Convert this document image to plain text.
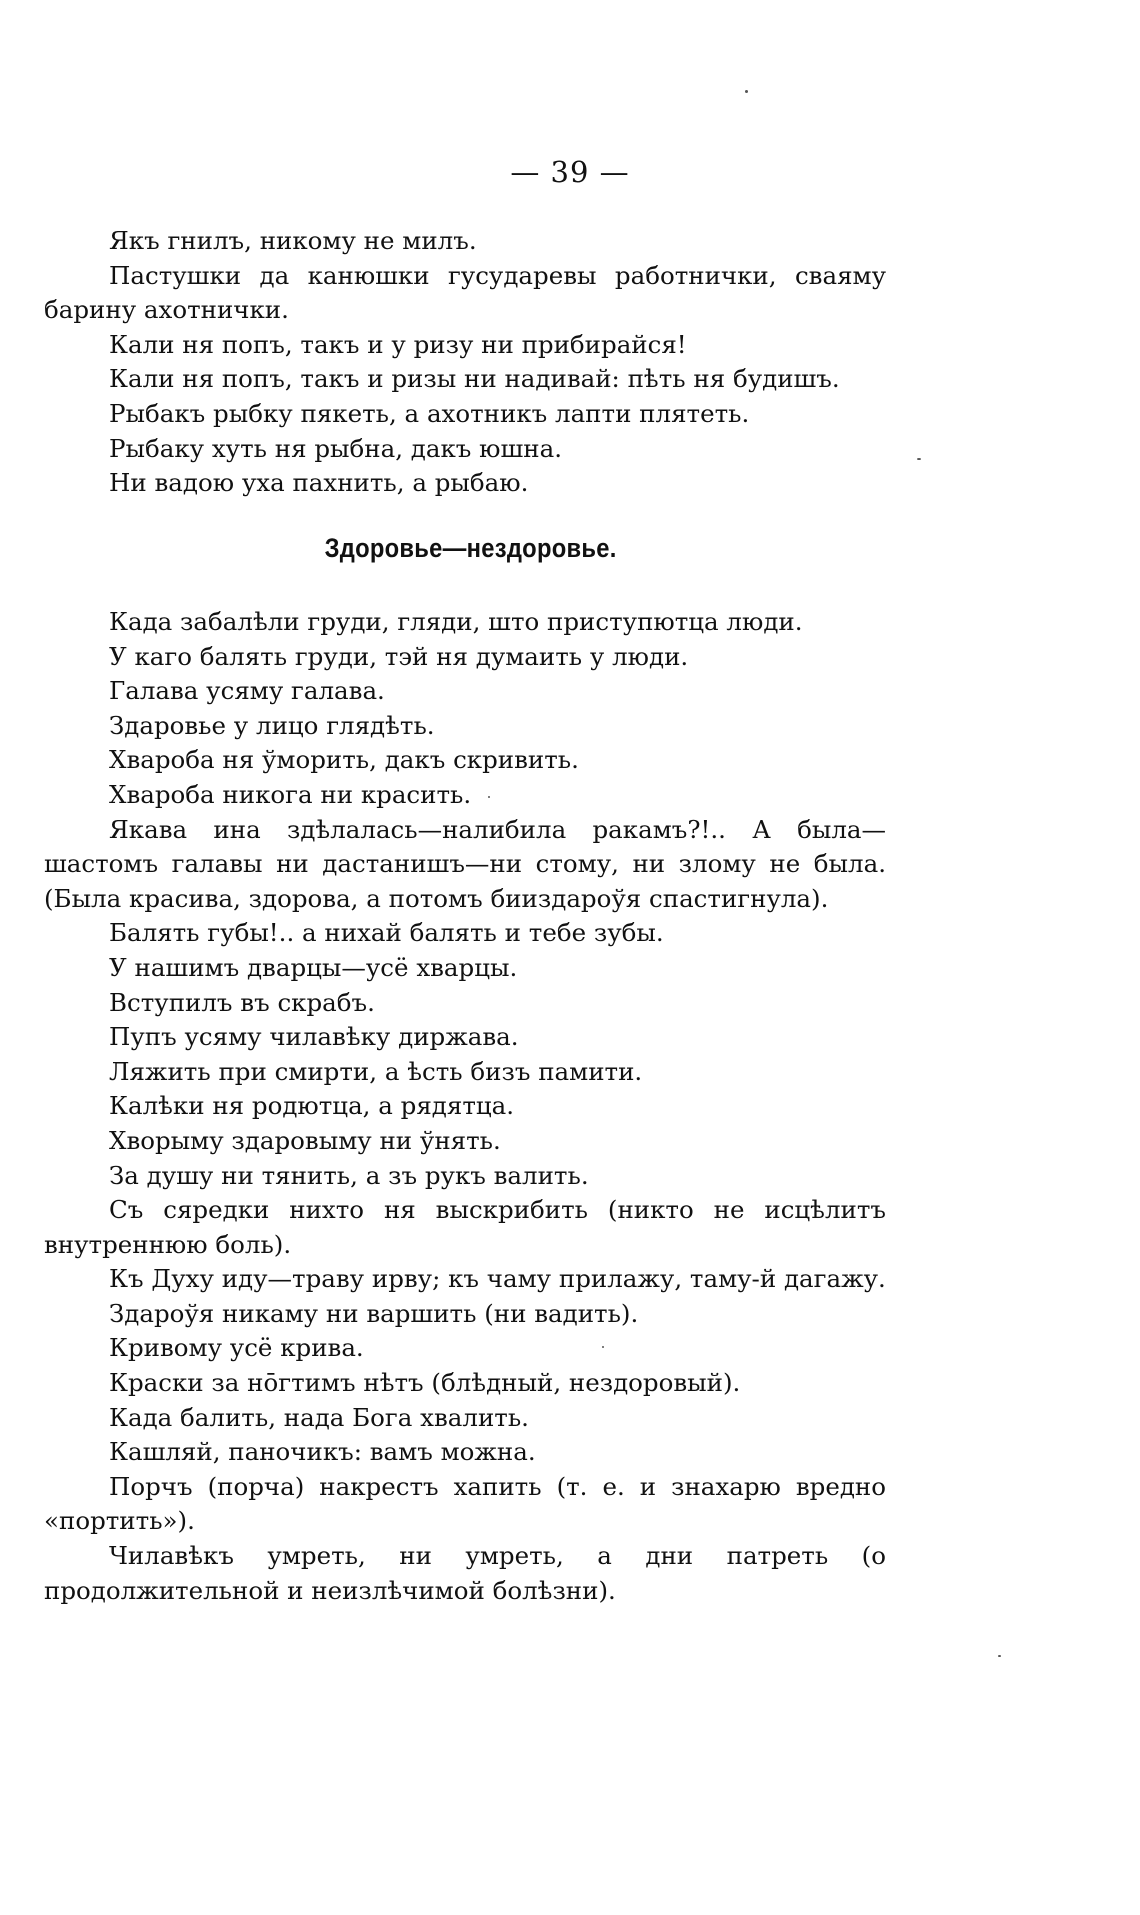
— 39 —

Якъ гнилъ, никому не милъ.

Пастушки да канюшки гусударевы работнички, сваяму барину ахотнички.

Кали ня попъ, такъ и у ризу ни прибирайся!

Кали ня попъ, такъ и ризы ни надивай: пѣть ня будишъ.

Рыбакъ рыбку пякеть, а ахотникъ лапти плятеть.

Рыбаку хуть ня рыбна, дакъ юшна.

Ни вадою уха пахнить, а рыбаю.

Здоровье—нездоровье.

Када забалѣли груди, гляди, што приступютца люди.

У каго балять груди, тэй ня думаить у люди.

Галава усяму галава.

Здаровье у лицо глядѣть.

Хвароба ня ўморить, дакъ скривить.

Хвароба никога ни красить.

Якава ина здѣлалась—налибила ракамъ?!.. А была—шастомъ галавы ни дастанишъ—ни стому, ни злому не была. (Была красива, здорова, а потомъ бииздароўя спастигнула).

Балять губы!.. а нихай балять и тебе зубы.

У нашимъ дварцы—усё хварцы.

Вступилъ въ скрабъ.

Пупъ усяму чилавѣку диржава.

Ляжить при смирти, а ѣсть бизъ памити.

Калѣки ня родютца, а рядятца.

Хворыму здаровыму ни ўнять.

За душу ни тянить, а зъ рукъ валить.

Съ сяредки нихто ня выскрибить (никто не исцѣлитъ внутреннюю боль).

Къ Духу иду—траву ирву; къ чаму прилажу, таму-й дагажу.

Здароўя никаму ни варшить (ни вадить).

Кривому усё крива.

Краски за нōгтимъ нѣтъ (блѣдный, нездоровый).

Када балить, нада Бога хвалить.

Кашляй, паночикъ: вамъ можна.

Порчъ (порча) накрестъ хапить (т. е. и знахарю вредно «портить»).

Чилавѣкъ умреть, ни умреть, а дни патреть (о продолжительной и неизлѣчимой болѣзни).
